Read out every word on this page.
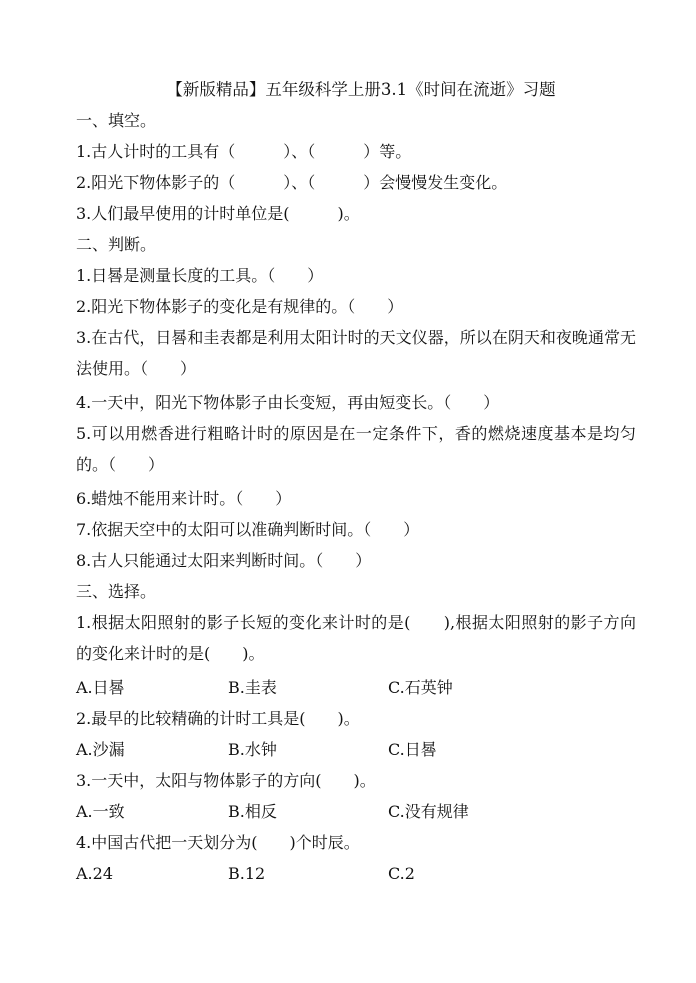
【新版精品】五年级科学上册3.1《时间在流逝》习题
一、填空。
1.古人计时的工具有（　　　）、（　　　）等。
2.阳光下物体影子的（　　　）、（　　　）会慢慢发生变化。
3.人们最早使用的计时单位是(　　　)。
二、判断。
1.日晷是测量长度的工具。（　　）
2.阳光下物体影子的变化是有规律的。（　　）
3.在古代，日晷和圭表都是利用太阳计时的天文仪器，所以在阴天和夜晚通常无法使用。（　　）
4.一天中，阳光下物体影子由长变短，再由短变长。（　　）
5.可以用燃香进行粗略计时的原因是在一定条件下，香的燃烧速度基本是均匀的。（　　）
6.蜡烛不能用来计时。（　　）
7.依据天空中的太阳可以准确判断时间。（　　）
8.古人只能通过太阳来判断时间。（　　）
三、选择。
1.根据太阳照射的影子长短的变化来计时的是(　　),根据太阳照射的影子方向的变化来计时的是(　　)。
A.日晷	B.圭表	C.石英钟
2.最早的比较精确的计时工具是(　　)。
A.沙漏	B.水钟	C.日晷
3.一天中，太阳与物体影子的方向(　　)。
A.一致	B.相反	C.没有规律
4.中国古代把一天划分为(　　)个时辰。
A.24	B.12	C.2
